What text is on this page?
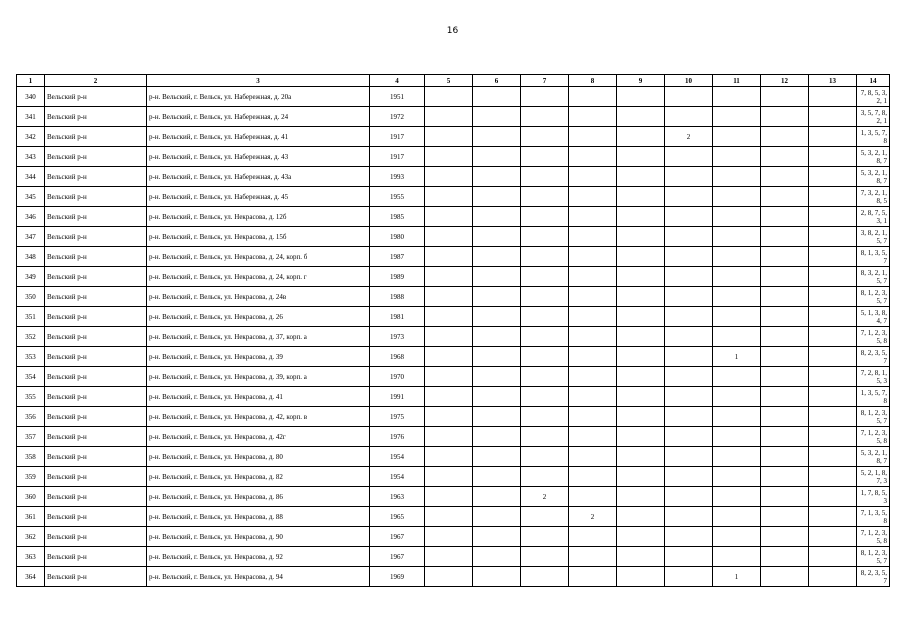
16
1	2	3	4	5	6	7	8	9	10	11	12	13	14
340	Вельский р-н	р-н. Вельский, г. Вельск, ул. Набережная, д. 20а	1951										7, 8, 5, 3, 2, 1
341	Вельский р-н	р-н. Вельский, г. Вельск, ул. Набережная, д. 24	1972										3, 5, 7, 8, 2, 1
342	Вельский р-н	р-н. Вельский, г. Вельск, ул. Набережная, д. 41	1917						2				1, 3, 5, 7, 8
343	Вельский р-н	р-н. Вельский, г. Вельск, ул. Набережная, д. 43	1917										5, 3, 2, 1, 8, 7
344	Вельский р-н	р-н. Вельский, г. Вельск, ул. Набережная, д. 43а	1993										5, 3, 2, 1, 8, 7
345	Вельский р-н	р-н. Вельский, г. Вельск, ул. Набережная, д. 45	1955										7, 3, 2, 1, 8, 5
346	Вельский р-н	р-н. Вельский, г. Вельск, ул. Некрасова, д. 12б	1985										2, 8, 7, 5, 3, 1
347	Вельский р-н	р-н. Вельский, г. Вельск, ул. Некрасова, д. 15б	1980										3, 8, 2, 1, 5, 7
348	Вельский р-н	р-н. Вельский, г. Вельск, ул. Некрасова, д. 24, корп. б	1987										8, 1, 3, 5, 7
349	Вельский р-н	р-н. Вельский, г. Вельск, ул. Некрасова, д. 24, корп. г	1989										8, 3, 2, 1, 5, 7
350	Вельский р-н	р-н. Вельский, г. Вельск, ул. Некрасова, д. 24в	1988										8, 1, 2, 3, 5, 7
351	Вельский р-н	р-н. Вельский, г. Вельск, ул. Некрасова, д. 26	1981										5, 1, 3, 8, 4, 7
352	Вельский р-н	р-н. Вельский, г. Вельск, ул. Некрасова, д. 37, корп. а	1973										7, 1, 2, 3, 5, 8
353	Вельский р-н	р-н. Вельский, г. Вельск, ул. Некрасова, д. 39	1968							1			8, 2, 3, 5, 7
354	Вельский р-н	р-н. Вельский, г. Вельск, ул. Некрасова, д. 39, корп. а	1970										7, 2, 8, 1, 5, 3
355	Вельский р-н	р-н. Вельский, г. Вельск, ул. Некрасова, д. 41	1991										1, 3, 5, 7, 8
356	Вельский р-н	р-н. Вельский, г. Вельск, ул. Некрасова, д. 42, корп. в	1975										8, 1, 2, 3, 5, 7
357	Вельский р-н	р-н. Вельский, г. Вельск, ул. Некрасова, д. 42г	1976										7, 1, 2, 3, 5, 8
358	Вельский р-н	р-н. Вельский, г. Вельск, ул. Некрасова, д. 80	1954										5, 3, 2, 1, 8, 7
359	Вельский р-н	р-н. Вельский, г. Вельск, ул. Некрасова, д. 82	1954										5, 2, 1, 8, 7, 3
360	Вельский р-н	р-н. Вельский, г. Вельск, ул. Некрасова, д. 86	1963			2							1, 7, 8, 5, 3
361	Вельский р-н	р-н. Вельский, г. Вельск, ул. Некрасова, д. 88	1965				2						7, 1, 3, 5, 8
362	Вельский р-н	р-н. Вельский, г. Вельск, ул. Некрасова, д. 90	1967										7, 1, 2, 3, 5, 8
363	Вельский р-н	р-н. Вельский, г. Вельск, ул. Некрасова, д. 92	1967										8, 1, 2, 3, 5, 7
364	Вельский р-н	р-н. Вельский, г. Вельск, ул. Некрасова, д. 94	1969							1			8, 2, 3, 5, 7
